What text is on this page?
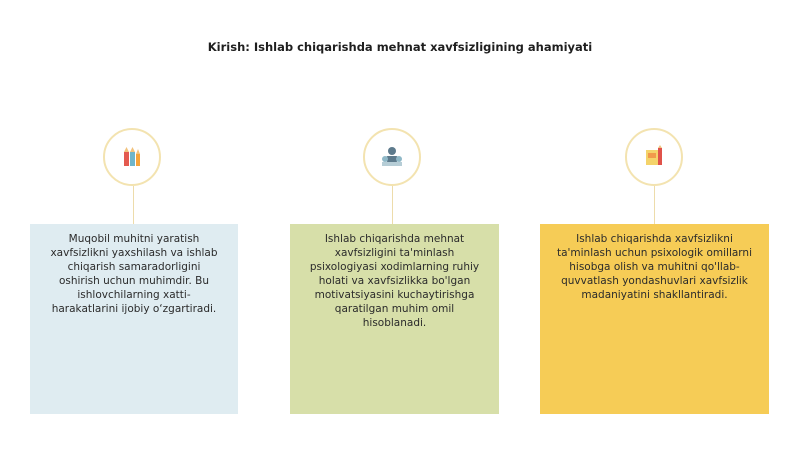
Kirish: Ishlab chiqarishda mehnat xavfsizligining ahamiyati
Muqobil muhitni yaratish xavfsizlikni yaxshilash va ishlab chiqarish samaradorligini oshirish uchun muhimdir. Bu ishlovchilarning xatti-harakatlarini ijobiy o‘zgartiradi.
Ishlab chiqarishda mehnat xavfsizligini ta'minlash psixologiyasi xodimlarning ruhiy holati va xavfsizlikka bo'lgan motivatsiyasini kuchaytirishga qaratilgan muhim omil hisoblanadi.
Ishlab chiqarishda xavfsizlikni ta'minlash uchun psixologik omillarni hisobga olish va muhitni qo'llab-quvvatlash yondashuvlari xavfsizlik madaniyatini shakllantiradi.
